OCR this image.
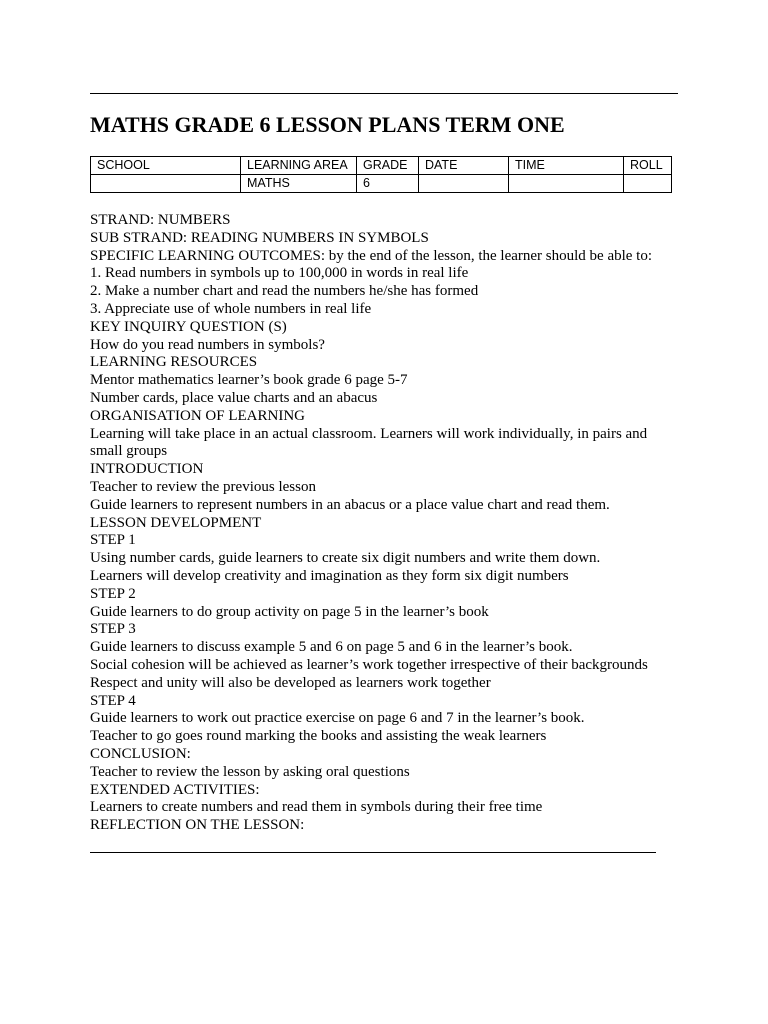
MATHS GRADE 6 LESSON PLANS TERM ONE
SCHOOL	LEARNING AREA	GRADE	DATE	TIME	ROLL
	MATHS	6			

STRAND: NUMBERS

SUB STRAND: READING NUMBERS IN SYMBOLS

SPECIFIC LEARNING OUTCOMES: by the end of the lesson, the learner should be able to:

1. Read numbers in symbols up to 100,000 in words in real life

2. Make a number chart and read the numbers he/she has formed

3. Appreciate use of whole numbers in real life

KEY INQUIRY QUESTION (S)

How do you read numbers in symbols?

LEARNING RESOURCES

Mentor mathematics learner’s book grade 6 page 5-7

Number cards, place value charts and an abacus

ORGANISATION OF LEARNING

Learning will take place in an actual classroom. Learners will work individually, in pairs and small groups

INTRODUCTION

Teacher to review the previous lesson

Guide learners to represent numbers in an abacus or a place value chart and read them.

LESSON DEVELOPMENT

STEP 1

Using number cards, guide learners to create six digit numbers and write them down.

Learners will develop creativity and imagination as they form six digit numbers

STEP 2

Guide learners to do group activity on page 5 in the learner’s book

STEP 3

Guide learners to discuss example 5 and 6 on page 5 and 6 in the learner’s book.

Social cohesion will be achieved as learner’s work together irrespective of their backgrounds

Respect and unity will also be developed as learners work together

STEP 4

Guide learners to work out practice exercise on page 6 and 7 in the learner’s book.

Teacher to go goes round marking the books and assisting the weak learners

CONCLUSION:

Teacher to review the lesson by asking oral questions

EXTENDED ACTIVITIES:

Learners to create numbers and read them in symbols during their free time

REFLECTION ON THE LESSON:
